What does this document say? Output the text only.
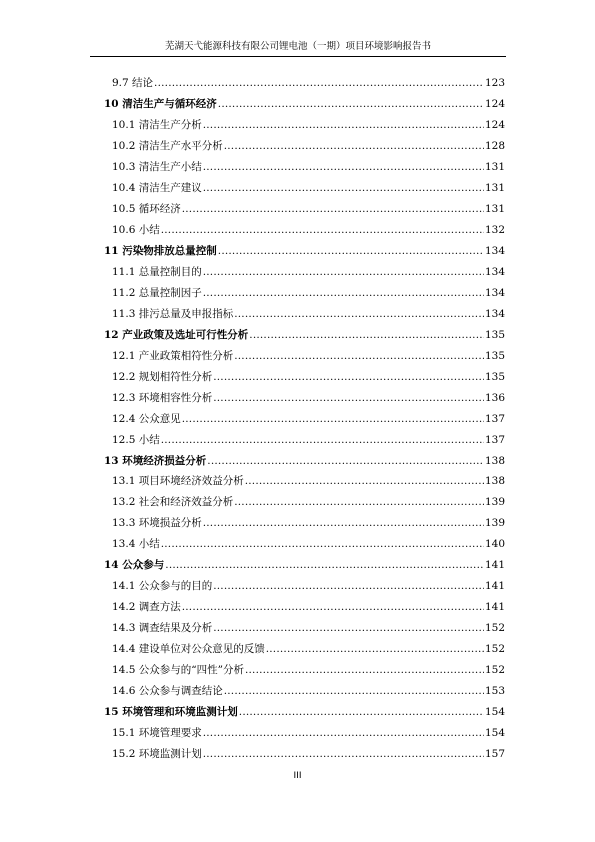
芜湖天弋能源科技有限公司锂电池（一期）项目环境影响报告书
9.7 结论 .....	123
10 清洁生产与循环经济 .....	124
10.1 清洁生产分析 .....	124
10.2 清洁生产水平分析 .....	128
10.3 清洁生产小结 .....	131
10.4 清洁生产建议 .....	131
10.5 循环经济 .....	131
10.6 小结 .....	132
11 污染物排放总量控制 .....	134
11.1 总量控制目的 .....	134
11.2 总量控制因子 .....	134
11.3 排污总量及申报指标 .....	134
12 产业政策及选址可行性分析 .....	135
12.1 产业政策相符性分析 .....	135
12.2 规划相符性分析 .....	135
12.3 环境相容性分析 .....	136
12.4 公众意见 .....	137
12.5 小结 .....	137
13 环境经济损益分析 .....	138
13.1 项目环境经济效益分析 .....	138
13.2 社会和经济效益分析 .....	139
13.3 环境损益分析 .....	139
13.4 小结 .....	140
14 公众参与 .....	141
14.1 公众参与的目的 .....	141
14.2 调查方法 .....	141
14.3 调查结果及分析 .....	152
14.4 建设单位对公众意见的反馈 .....	152
14.5 公众参与的“四性”分析 .....	152
14.6 公众参与调查结论 .....	153
15 环境管理和环境监测计划 .....	154
15.1 环境管理要求 .....	154
15.2 环境监测计划 .....	157
III
